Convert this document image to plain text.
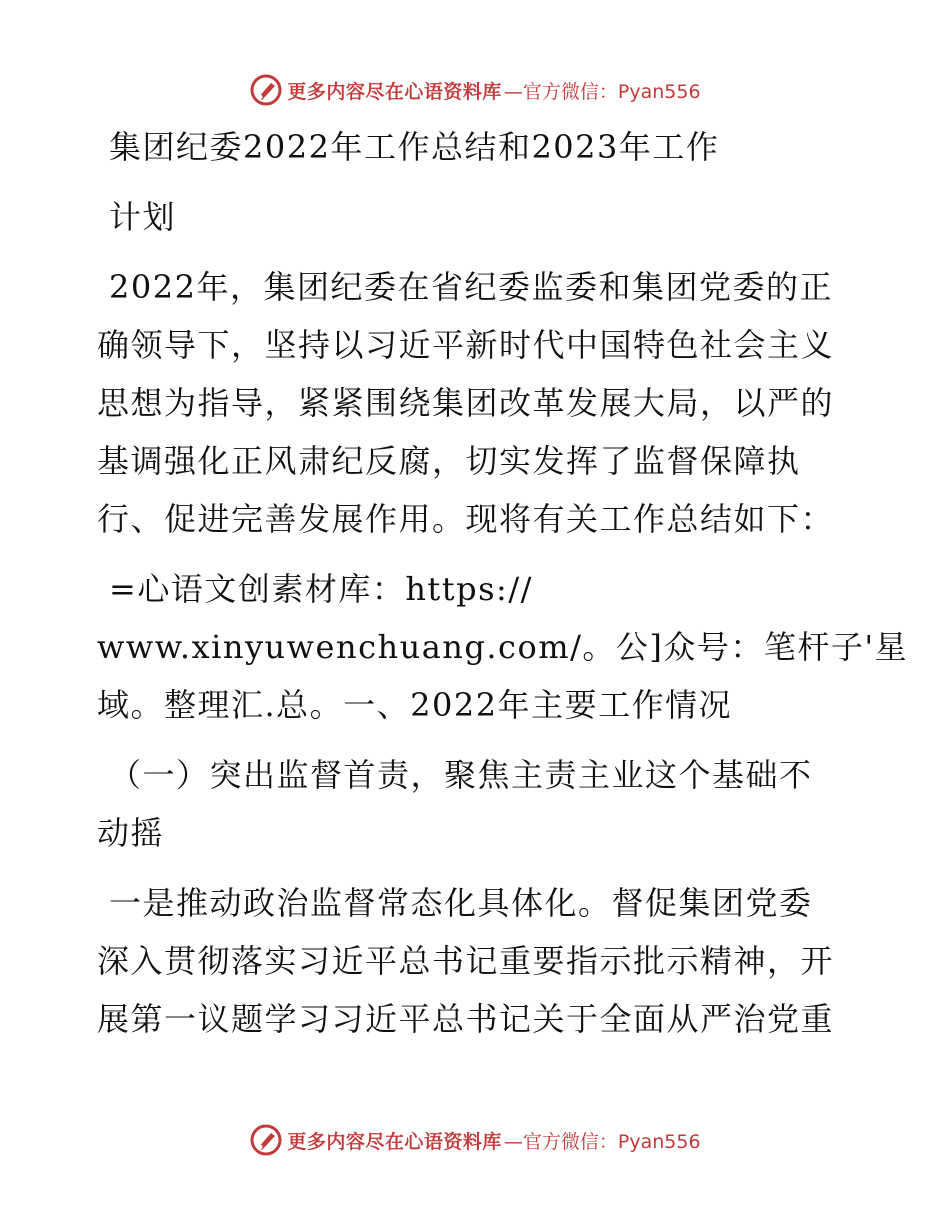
更多内容尽在心语资料库 —官方微信：Pyan556
集团纪委2022年工作总结和2023年工作
计划
2022年，集团纪委在省纪委监委和集团党委的正
确领导下，坚持以习近平新时代中国特色社会主义
思想为指导，紧紧围绕集团改革发展大局，以严的
基调强化正风肃纪反腐，切实发挥了监督保障执
行、促进完善发展作用。现将有关工作总结如下：
=心语文创素材库：https://
www.xinyuwenchuang.com/。公]众号：笔杆子'星
域。整理汇.总。一、2022年主要工作情况
（一）突出监督首责，聚焦主责主业这个基础不
动摇
一是推动政治监督常态化具体化。督促集团党委
深入贯彻落实习近平总书记重要指示批示精神，开
展第一议题学习习近平总书记关于全面从严治党重
更多内容尽在心语资料库 —官方微信：Pyan556
